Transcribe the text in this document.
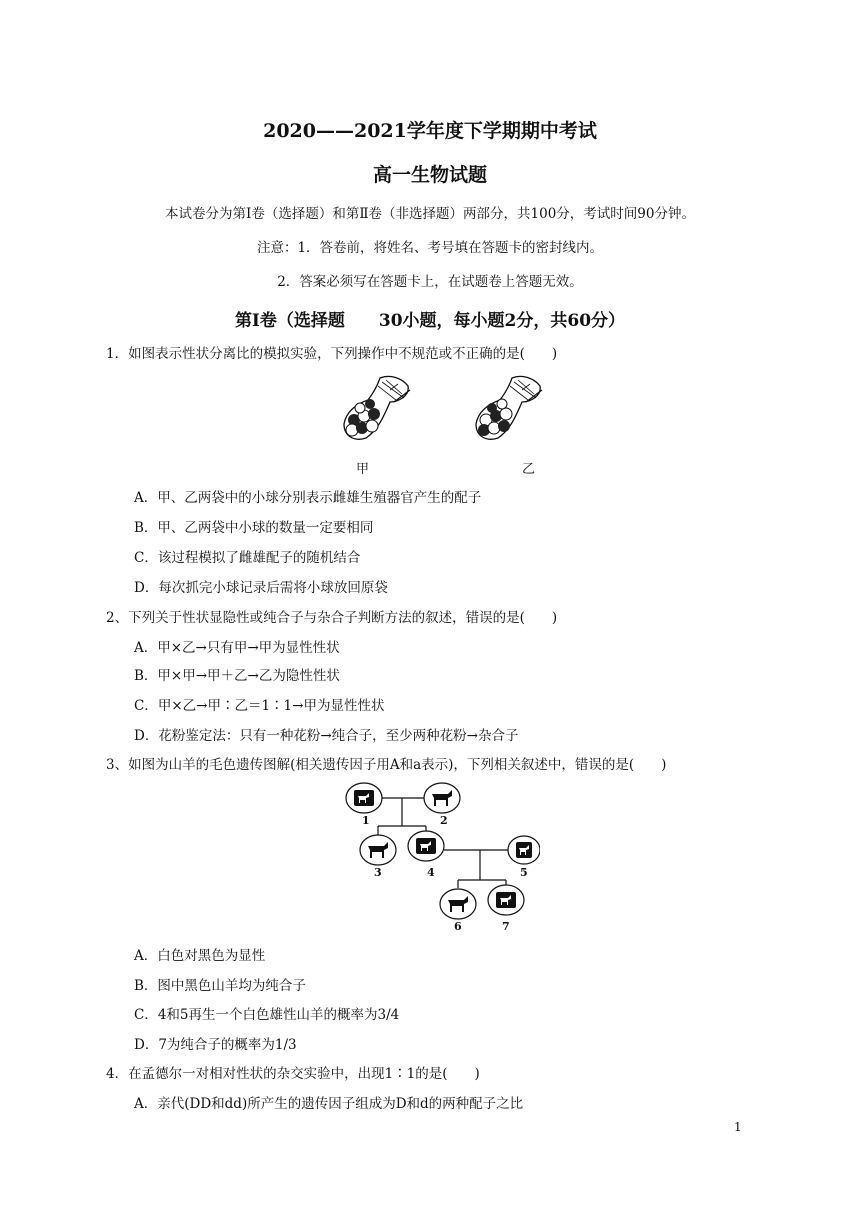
2020——2021学年度下学期期中考试
高一生物试题
本试卷分为第Ⅰ卷（选择题）和第Ⅱ卷（非选择题）两部分，共100分，考试时间90分钟。
注意：1．答卷前，将姓名、考号填在答题卡的密封线内。
2．答案必须写在答题卡上，在试题卷上答题无效。
第Ⅰ卷（选择题　　30小题，每小题2分，共60分）
1．如图表示性状分离比的模拟实验，下列操作中不规范或不正确的是(　　)
甲	乙
A．甲、乙两袋中的小球分别表示雌雄生殖器官产生的配子
B．甲、乙两袋中小球的数量一定要相同
C．该过程模拟了雌雄配子的随机结合
D．每次抓完小球记录后需将小球放回原袋
2、下列关于性状显隐性或纯合子与杂合子判断方法的叙述，错误的是(　　)
A．甲×乙→只有甲→甲为显性性状
B．甲×甲→甲＋乙→乙为隐性性状
C．甲×乙→甲∶乙＝1∶1→甲为显性性状
D．花粉鉴定法：只有一种花粉→纯合子，至少两种花粉→杂合子
3、如图为山羊的毛色遗传图解(相关遗传因子用A和a表示)，下列相关叙述中，错误的是(　　)
1	2
3	4	5
6	7
A．白色对黑色为显性
B．图中黑色山羊均为纯合子
C．4和5再生一个白色雄性山羊的概率为3/4
D．7为纯合子的概率为1/3
4．在孟德尔一对相对性状的杂交实验中，出现1∶1的是(　　)
A．亲代(DD和dd)所产生的遗传因子组成为D和d的两种配子之比
1
